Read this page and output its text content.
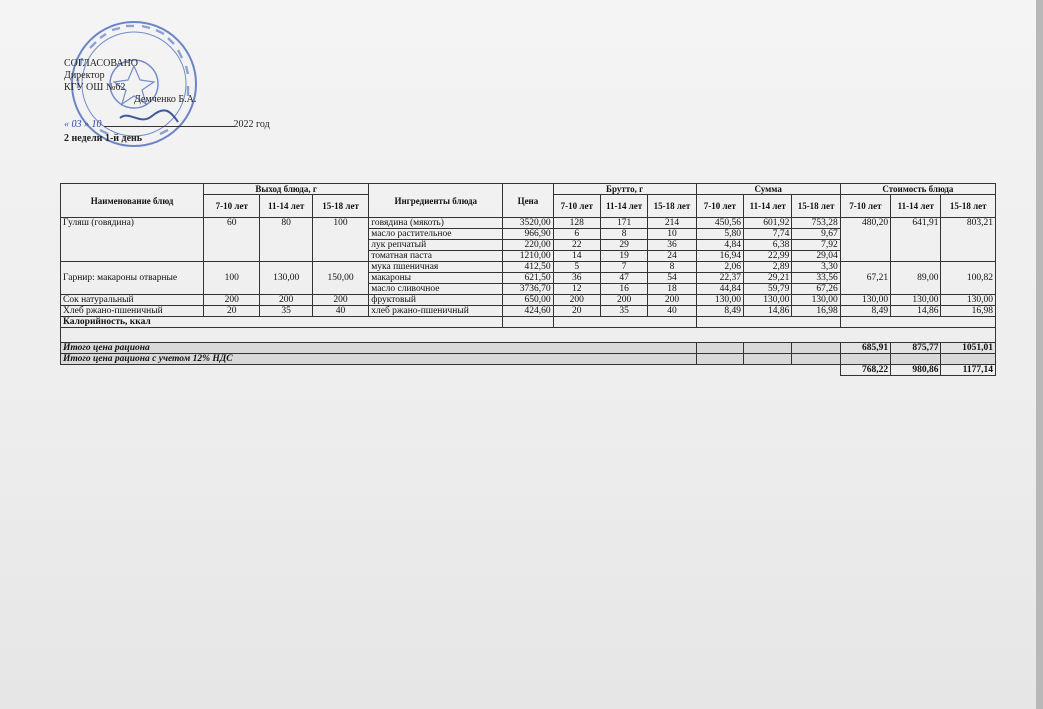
СОГЛАСОВАНО
Директор
КГУ ОШ №62
Демченко Б.А.
« 03 » 10	2022 год
2 недели 1-й день
Наименование блюд	Выход блюда, г			Ингредиенты блюда	Цена	Брутто, г			Сумма			Стоимость блюда		
	7-10 лет	11-14 лет	15-18 лет			7-10 лет	11-14 лет	15-18 лет	7-10 лет	11-14 лет	15-18 лет	7-10 лет	11-14 лет	15-18 лет
Гуляш (говядина)	60	80	100	говядина (мякоть)	3520,00	128	171	214	450,56	601,92	753,28	480,20	641,91	803,21
				масло растительное	966,90	6	8	10	5,80	7,74	9,67			
				лук репчатый	220,00	22	29	36	4,84	6,38	7,92			
				томатная паста	1210,00	14	19	24	16,94	22,99	29,04			
Гарнир: макароны отварные	100	130,00	150,00	мука пшеничная	412,50	5	7	8	2,06	2,89	3,30	67,21	89,00	100,82
				макароны	621,50	36	47	54	22,37	29,21	33,56			
				масло сливочное	3736,70	12	16	18	44,84	59,79	67,26			
Сок натуральный	200	200	200	фруктовый	650,00	200	200	200	130,00	130,00	130,00	130,00	130,00	130,00
Хлеб ржано-пшеничный	20	35	40	хлеб ржано-пшеничный	424,60	20	35	40	8,49	14,86	16,98	8,49	14,86	16,98
Калорийность, ккал														

Итого цена рациона												685,91	875,77	1051,01
Итого цена рациона с учетом 12% НДС														
												768,22	980,86	1177,14
